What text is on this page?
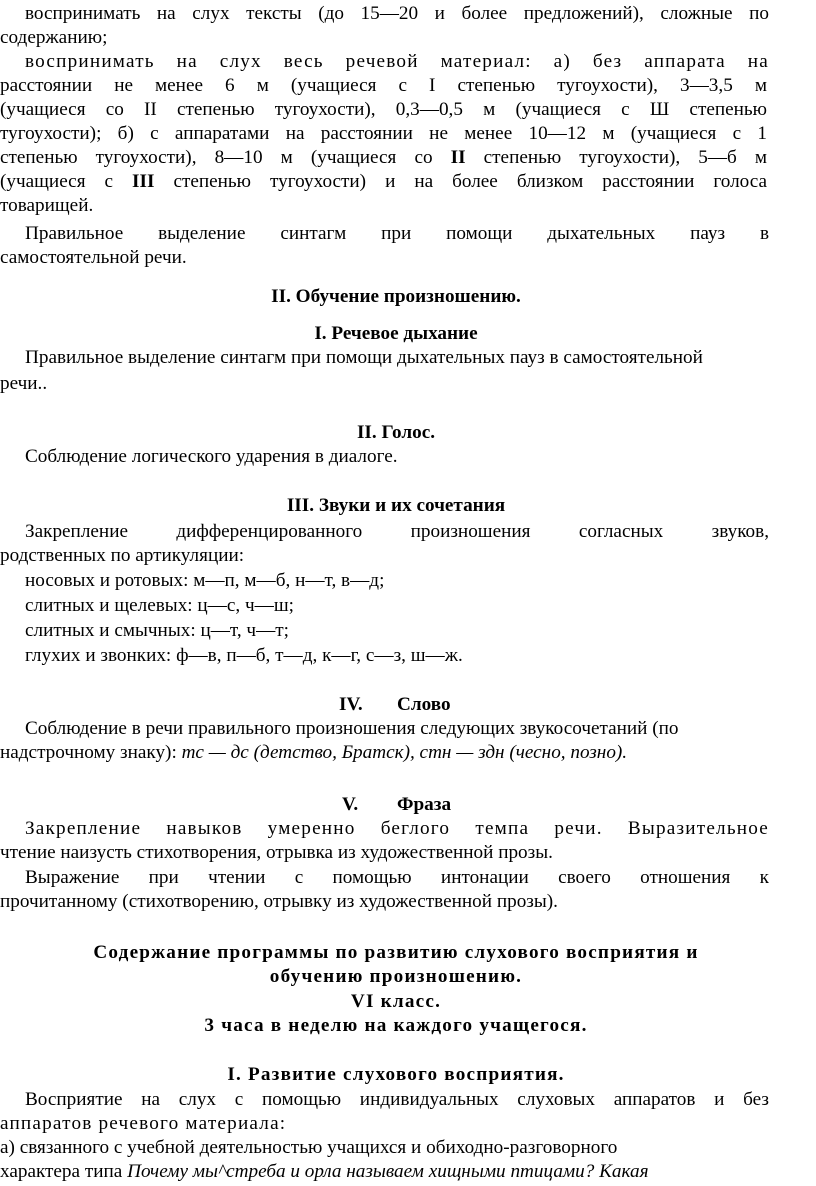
воспринимать на слух тексты (до 15—20 и более предложений), сложные по
содержанию;
воспринимать на слух весь речевой материал: а) без аппарата на
расстоянии не менее 6 м (учащиеся с I степенью тугоухости), 3—3,5 м
(учащиеся со II степенью тугоухости), 0,3—0,5 м (учащиеся с Ш степенью
тугоухости); б) с аппаратами на расстоянии не менее 10—12 м (учащиеся с 1
степенью тугоухости), 8—10 м (учащиеся со II степенью тугоухости), 5—б м
(учащиеся с III степенью тугоухости) и на более близком расстоянии голоса
товарищей.
Правильное выделение синтагм при помощи дыхательных пауз в
самостоятельной речи.
II. Обучение произношению.
I. Речевое дыхание
Правильное выделение синтагм при помощи дыхательных пауз в самостоятельной
речи..
II. Голос.
Соблюдение логического ударения в диалоге.
III. Звуки и их сочетания
Закрепление дифференцированного произношения согласных звуков,
родственных по артикуляции:
носовых и ротовых: м—п, м—б, н—т, в—д;
слитных и щелевых: ц—с, ч—ш;
слитных и смычных: ц—т, ч—т;
глухих и звонких: ф—в, п—б, т—д, к—г, с—з, ш—ж.
IV.	Слово
Соблюдение в речи правильного произношения следующих звукосочетаний (по
надстрочному знаку): тс — дс (детство, Братск), стн — здн (чесно, позно).
V.	Фраза
Закрепление навыков умеренно беглого темпа речи. Выразительное
чтение наизусть стихотворения, отрывка из художественной прозы.
Выражение при чтении с помощью интонации своего отношения к
прочитанному (стихотворению, отрывку из художественной прозы).
Содержание программы по развитию слухового восприятия и
обучению произношению.
VI класс.
3 часа в неделю на каждого учащегося.
I. Развитие слухового восприятия.
Восприятие на слух с помощью индивидуальных слуховых аппаратов и без
аппаратов речевого материала:
а) связанного с учебной деятельностью учащихся и обиходно-разговорного
характера типа Почему мы^стреба и орла называем хищными птицами? Какая
